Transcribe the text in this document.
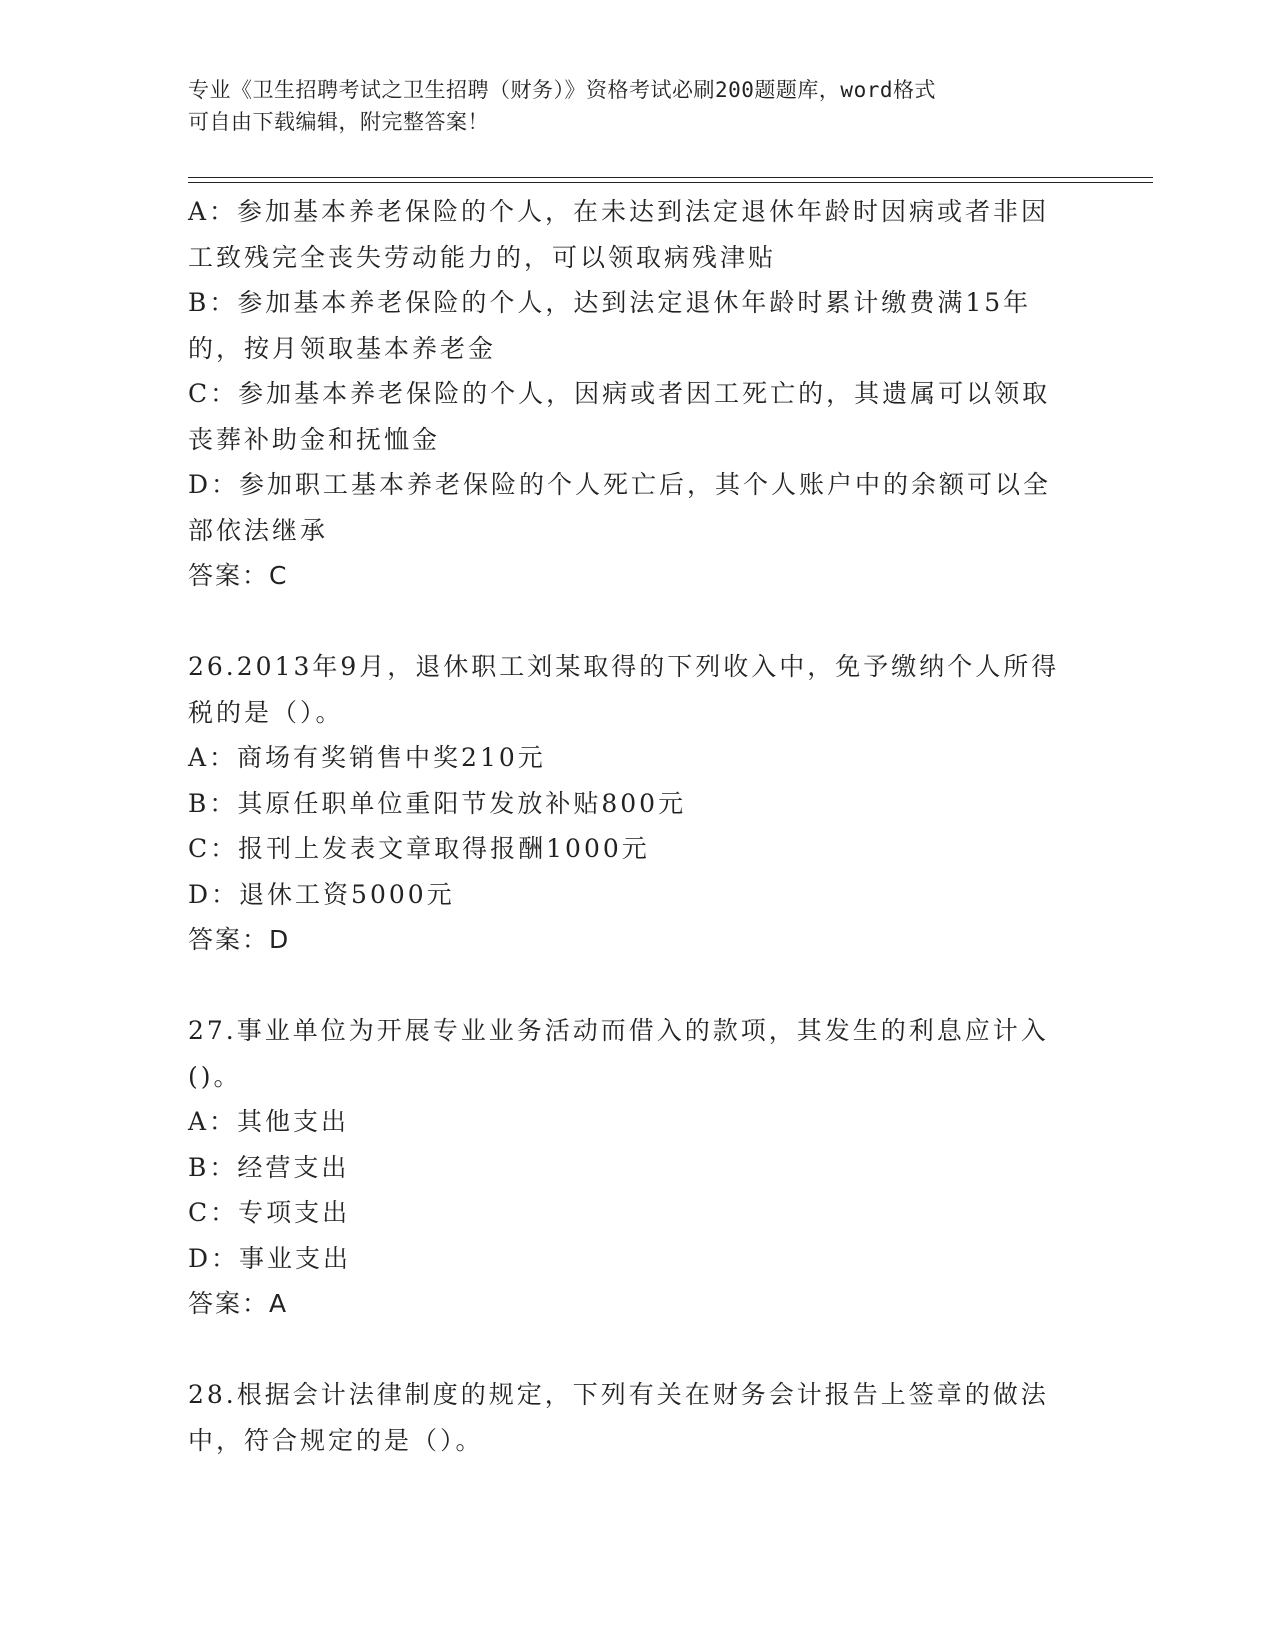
专业《卫生招聘考试之卫生招聘（财务）》资格考试必刷200题题库，word格式
可自由下载编辑，附完整答案！

A：参加基本养老保险的个人，在未达到法定退休年龄时因病或者非因

工致残完全丧失劳动能力的，可以领取病残津贴

B：参加基本养老保险的个人，达到法定退休年龄时累计缴费满15年

的，按月领取基本养老金

C：参加基本养老保险的个人，因病或者因工死亡的，其遗属可以领取

丧葬补助金和抚恤金

D：参加职工基本养老保险的个人死亡后，其个人账户中的余额可以全

部依法继承

答案：C

26.2013年9月，退休职工刘某取得的下列收入中，免予缴纳个人所得

税的是（）。

A：商场有奖销售中奖210元

B：其原任职单位重阳节发放补贴800元

C：报刊上发表文章取得报酬1000元

D：退休工资5000元

答案：D

27.事业单位为开展专业业务活动而借入的款项，其发生的利息应计入

()。

A：其他支出

B：经营支出

C：专项支出

D：事业支出

答案：A

28.根据会计法律制度的规定，下列有关在财务会计报告上签章的做法

中，符合规定的是（）。
